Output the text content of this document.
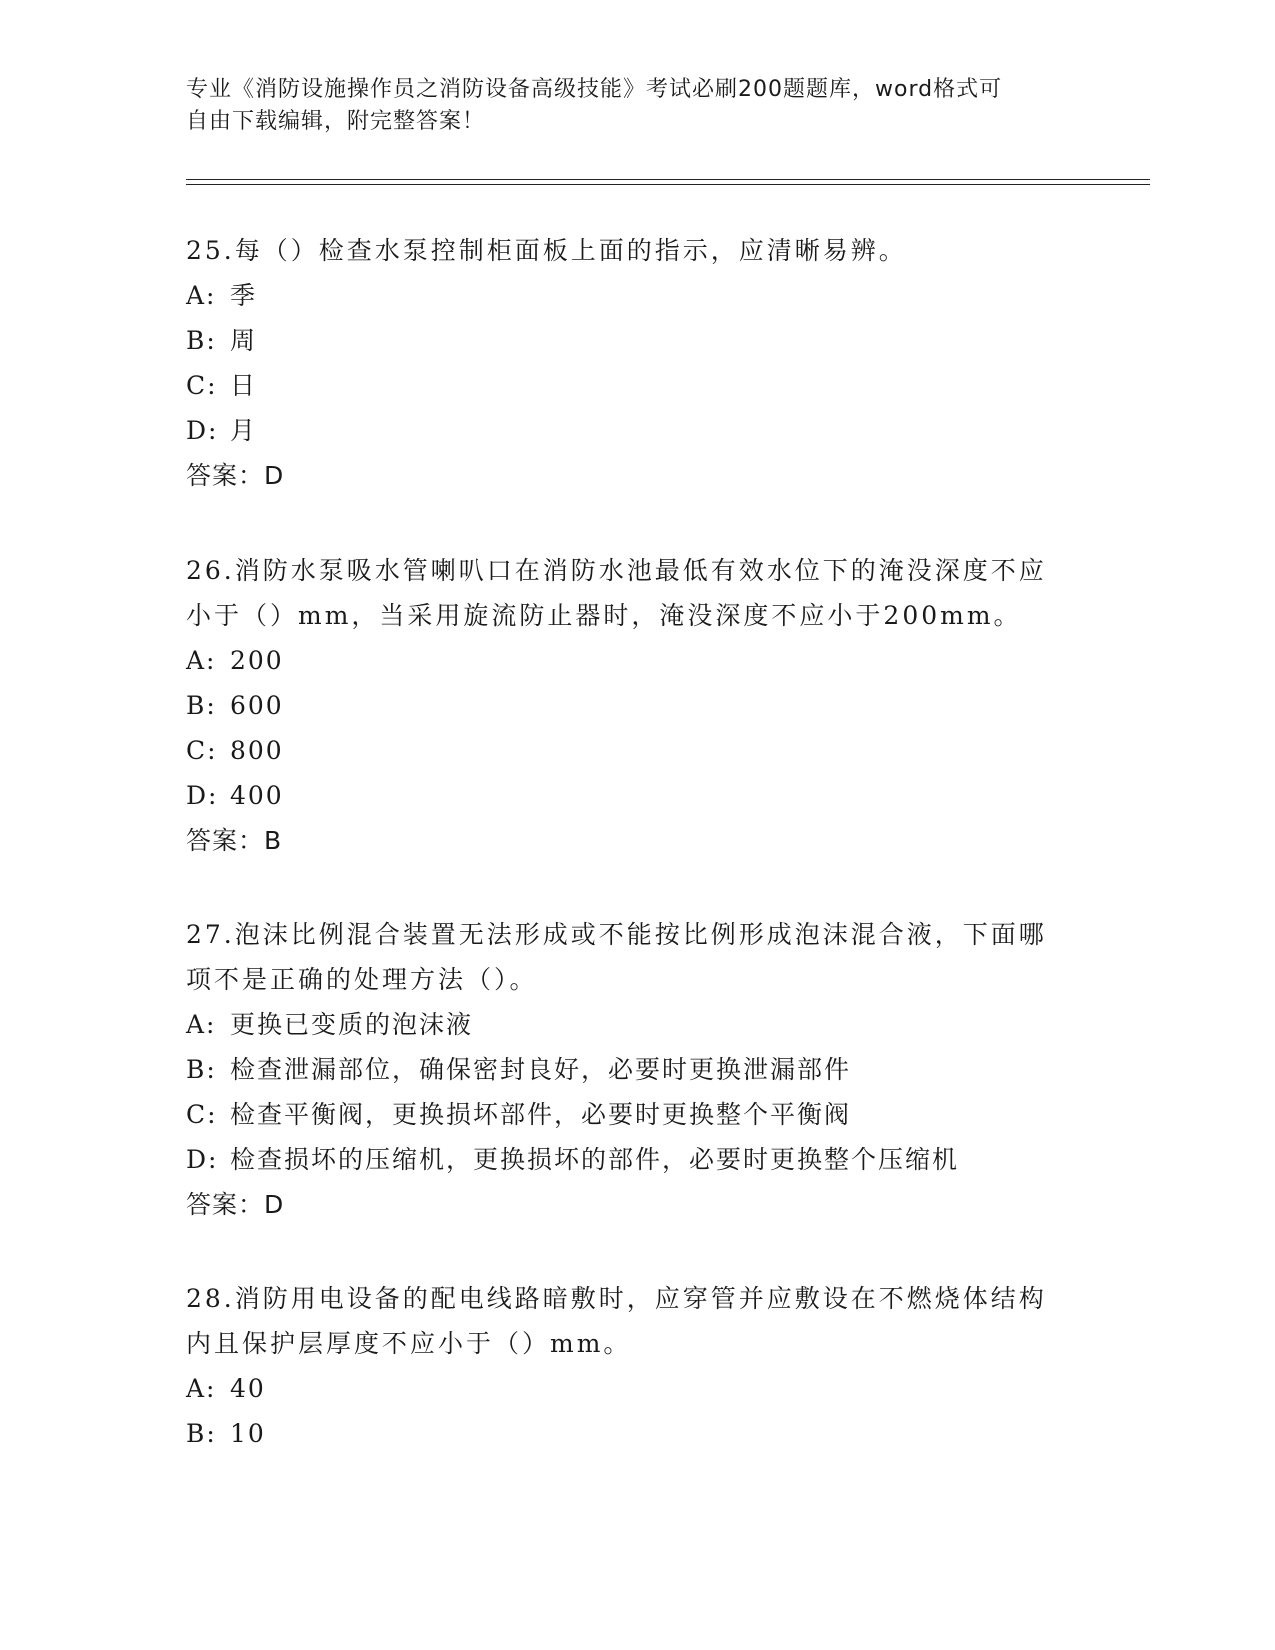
专业《消防设施操作员之消防设备高级技能》考试必刷200题题库，word格式可
自由下载编辑，附完整答案！

25.每（）检查水泵控制柜面板上面的指示，应清晰易辨。

A: 季
B: 周
C: 日
D: 月
答案：D

26.消防水泵吸水管喇叭口在消防水池最低有效水位下的淹没深度不应
小于（）mm，当采用旋流防止器时，淹没深度不应小于200mm。

A: 200
B: 600
C: 800
D: 400
答案：B

27.泡沫比例混合装置无法形成或不能按比例形成泡沫混合液，下面哪
项不是正确的处理方法（）。

A: 更换已变质的泡沫液
B: 检查泄漏部位，确保密封良好，必要时更换泄漏部件
C: 检查平衡阀，更换损坏部件，必要时更换整个平衡阀
D: 检查损坏的压缩机，更换损坏的部件，必要时更换整个压缩机
答案：D

28.消防用电设备的配电线路暗敷时，应穿管并应敷设在不燃烧体结构
内且保护层厚度不应小于（）mm。

A: 40
B: 10
